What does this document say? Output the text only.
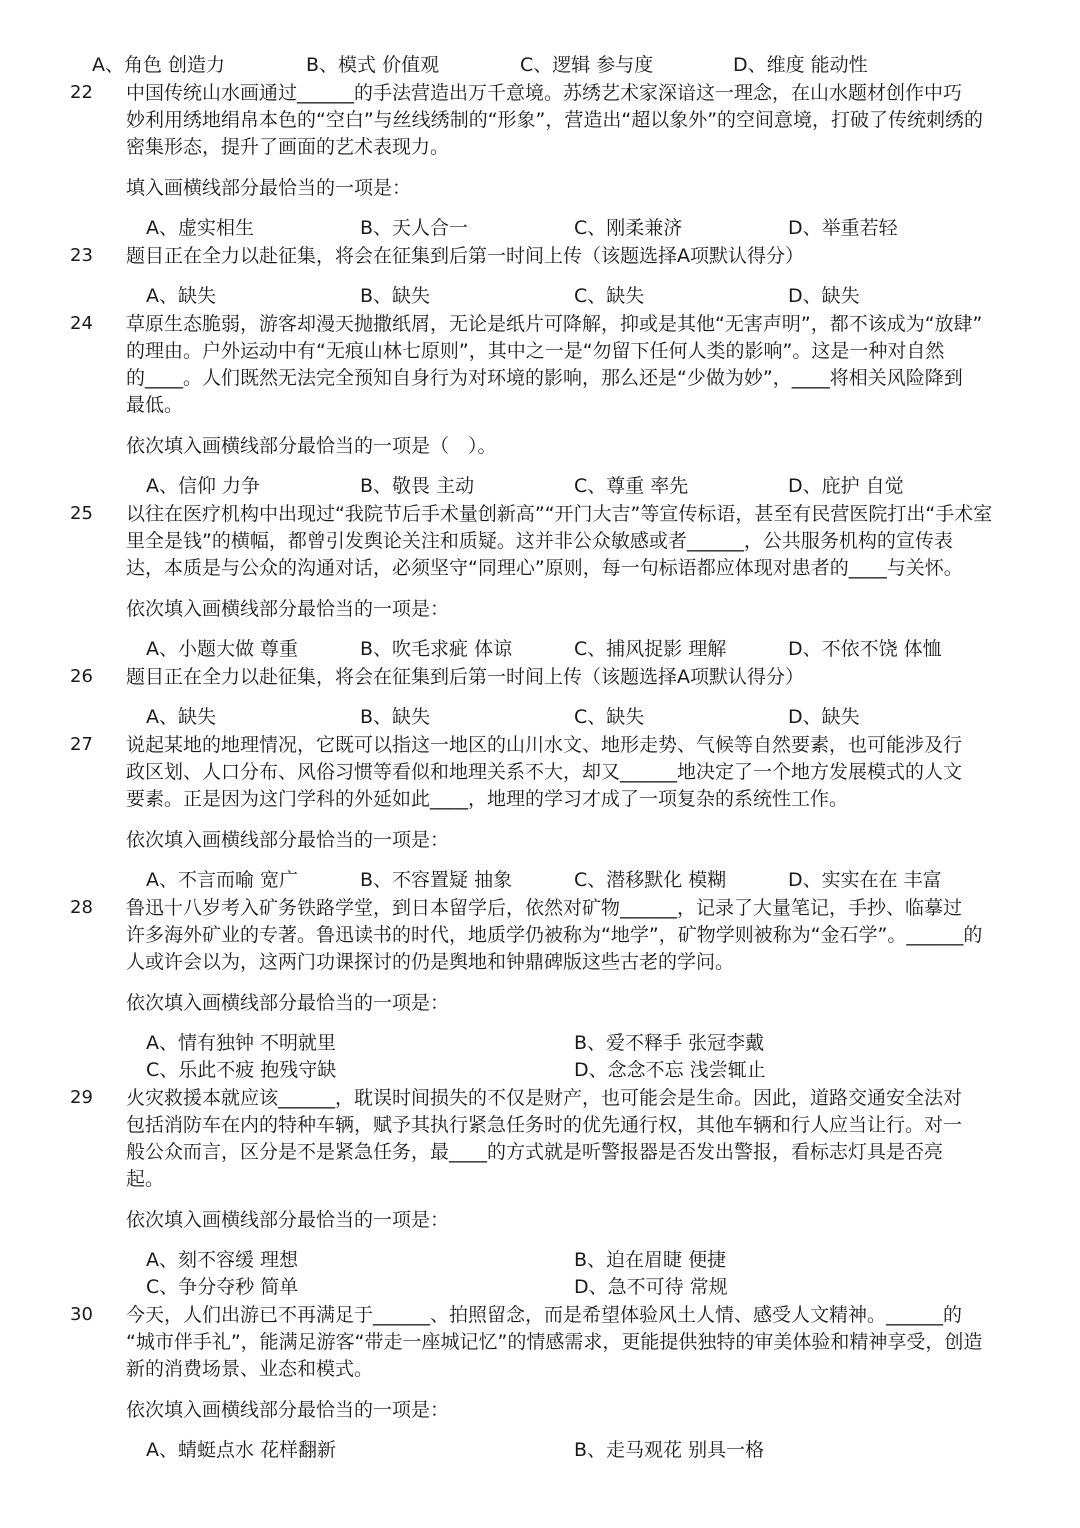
A、角色 创造力	B、模式 价值观	C、逻辑 参与度	D、维度 能动性
22 中国传统山水画通过______的手法营造出万千意境。苏绣艺术家深谙这一理念，在山水题材创作中巧
妙利用绣地绢帛本色的“空白”与丝线绣制的“形象”，营造出“超以象外”的空间意境，打破了传统刺绣的
密集形态，提升了画面的艺术表现力。
填入画横线部分最恰当的一项是：
A、虚实相生	B、天人合一	C、刚柔兼济	D、举重若轻
23 题目正在全力以赴征集，将会在征集到后第一时间上传（该题选择A项默认得分）
A、缺失	B、缺失	C、缺失	D、缺失
24 草原生态脆弱，游客却漫天抛撒纸屑，无论是纸片可降解，抑或是其他“无害声明”，都不该成为“放肆”
的理由。户外运动中有“无痕山林七原则”，其中之一是“勿留下任何人类的影响”。这是一种对自然
的____。人们既然无法完全预知自身行为对环境的影响，那么还是“少做为妙”，____将相关风险降到
最低。
依次填入画横线部分最恰当的一项是（　）。
A、信仰 力争	B、敬畏 主动	C、尊重 率先	D、庇护 自觉
25 以往在医疗机构中出现过“我院节后手术量创新高”“开门大吉”等宣传标语，甚至有民营医院打出“手术室
里全是钱”的横幅，都曾引发舆论关注和质疑。这并非公众敏感或者______，公共服务机构的宣传表
达，本质是与公众的沟通对话，必须坚守“同理心”原则，每一句标语都应体现对患者的____与关怀。
依次填入画横线部分最恰当的一项是：
A、小题大做 尊重	B、吹毛求疵 体谅	C、捕风捉影 理解	D、不依不饶 体恤
26 题目正在全力以赴征集，将会在征集到后第一时间上传（该题选择A项默认得分）
A、缺失	B、缺失	C、缺失	D、缺失
27 说起某地的地理情况，它既可以指这一地区的山川水文、地形走势、气候等自然要素，也可能涉及行
政区划、人口分布、风俗习惯等看似和地理关系不大，却又______地决定了一个地方发展模式的人文
要素。正是因为这门学科的外延如此____，地理的学习才成了一项复杂的系统性工作。
依次填入画横线部分最恰当的一项是：
A、不言而喻 宽广	B、不容置疑 抽象	C、潜移默化 模糊	D、实实在在 丰富
28 鲁迅十八岁考入矿务铁路学堂，到日本留学后，依然对矿物______，记录了大量笔记，手抄、临摹过
许多海外矿业的专著。鲁迅读书的时代，地质学仍被称为“地学”，矿物学则被称为“金石学”。______的
人或许会以为，这两门功课探讨的仍是舆地和钟鼎碑版这些古老的学问。
依次填入画横线部分最恰当的一项是：
A、情有独钟 不明就里	B、爱不释手 张冠李戴
C、乐此不疲 抱残守缺	D、念念不忘 浅尝辄止
29 火灾救援本就应该______，耽误时间损失的不仅是财产，也可能会是生命。因此，道路交通安全法对
包括消防车在内的特种车辆，赋予其执行紧急任务时的优先通行权，其他车辆和行人应当让行。对一
般公众而言，区分是不是紧急任务，最____的方式就是听警报器是否发出警报，看标志灯具是否亮
起。
依次填入画横线部分最恰当的一项是：
A、刻不容缓 理想	B、迫在眉睫 便捷
C、争分夺秒 简单	D、急不可待 常规
30 今天，人们出游已不再满足于______、拍照留念，而是希望体验风土人情、感受人文精神。______的
“城市伴手礼”，能满足游客“带走一座城记忆”的情感需求，更能提供独特的审美体验和精神享受，创造
新的消费场景、业态和模式。
依次填入画横线部分最恰当的一项是：
A、蜻蜓点水 花样翻新	B、走马观花 别具一格
